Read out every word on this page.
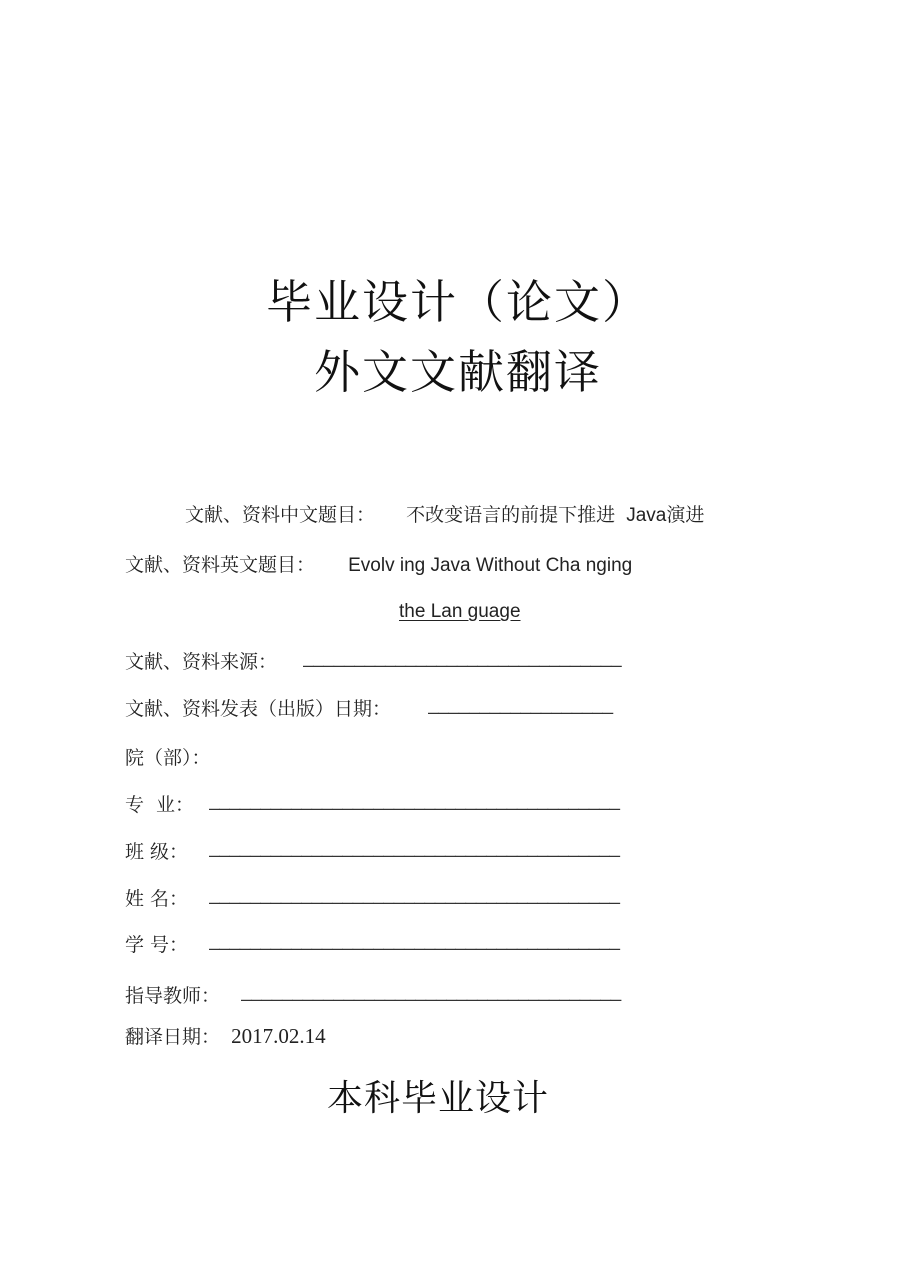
毕业设计（论文）
外文文献翻译
文献、资料中文题目： 不改变语言的前提下推进 Java演进
文献、资料英文题目： Evolv ing Java Without Cha nging
the Lan guage
文献、资料来源： _______________________________
文献、资料发表（出版）日期： __________________
院（部）：
专 业： ________________________________________
班 级： ________________________________________
姓 名： ________________________________________
学 号： ________________________________________
指导教师： _____________________________________
翻译日期： 2017.02.14
本科毕业设计
